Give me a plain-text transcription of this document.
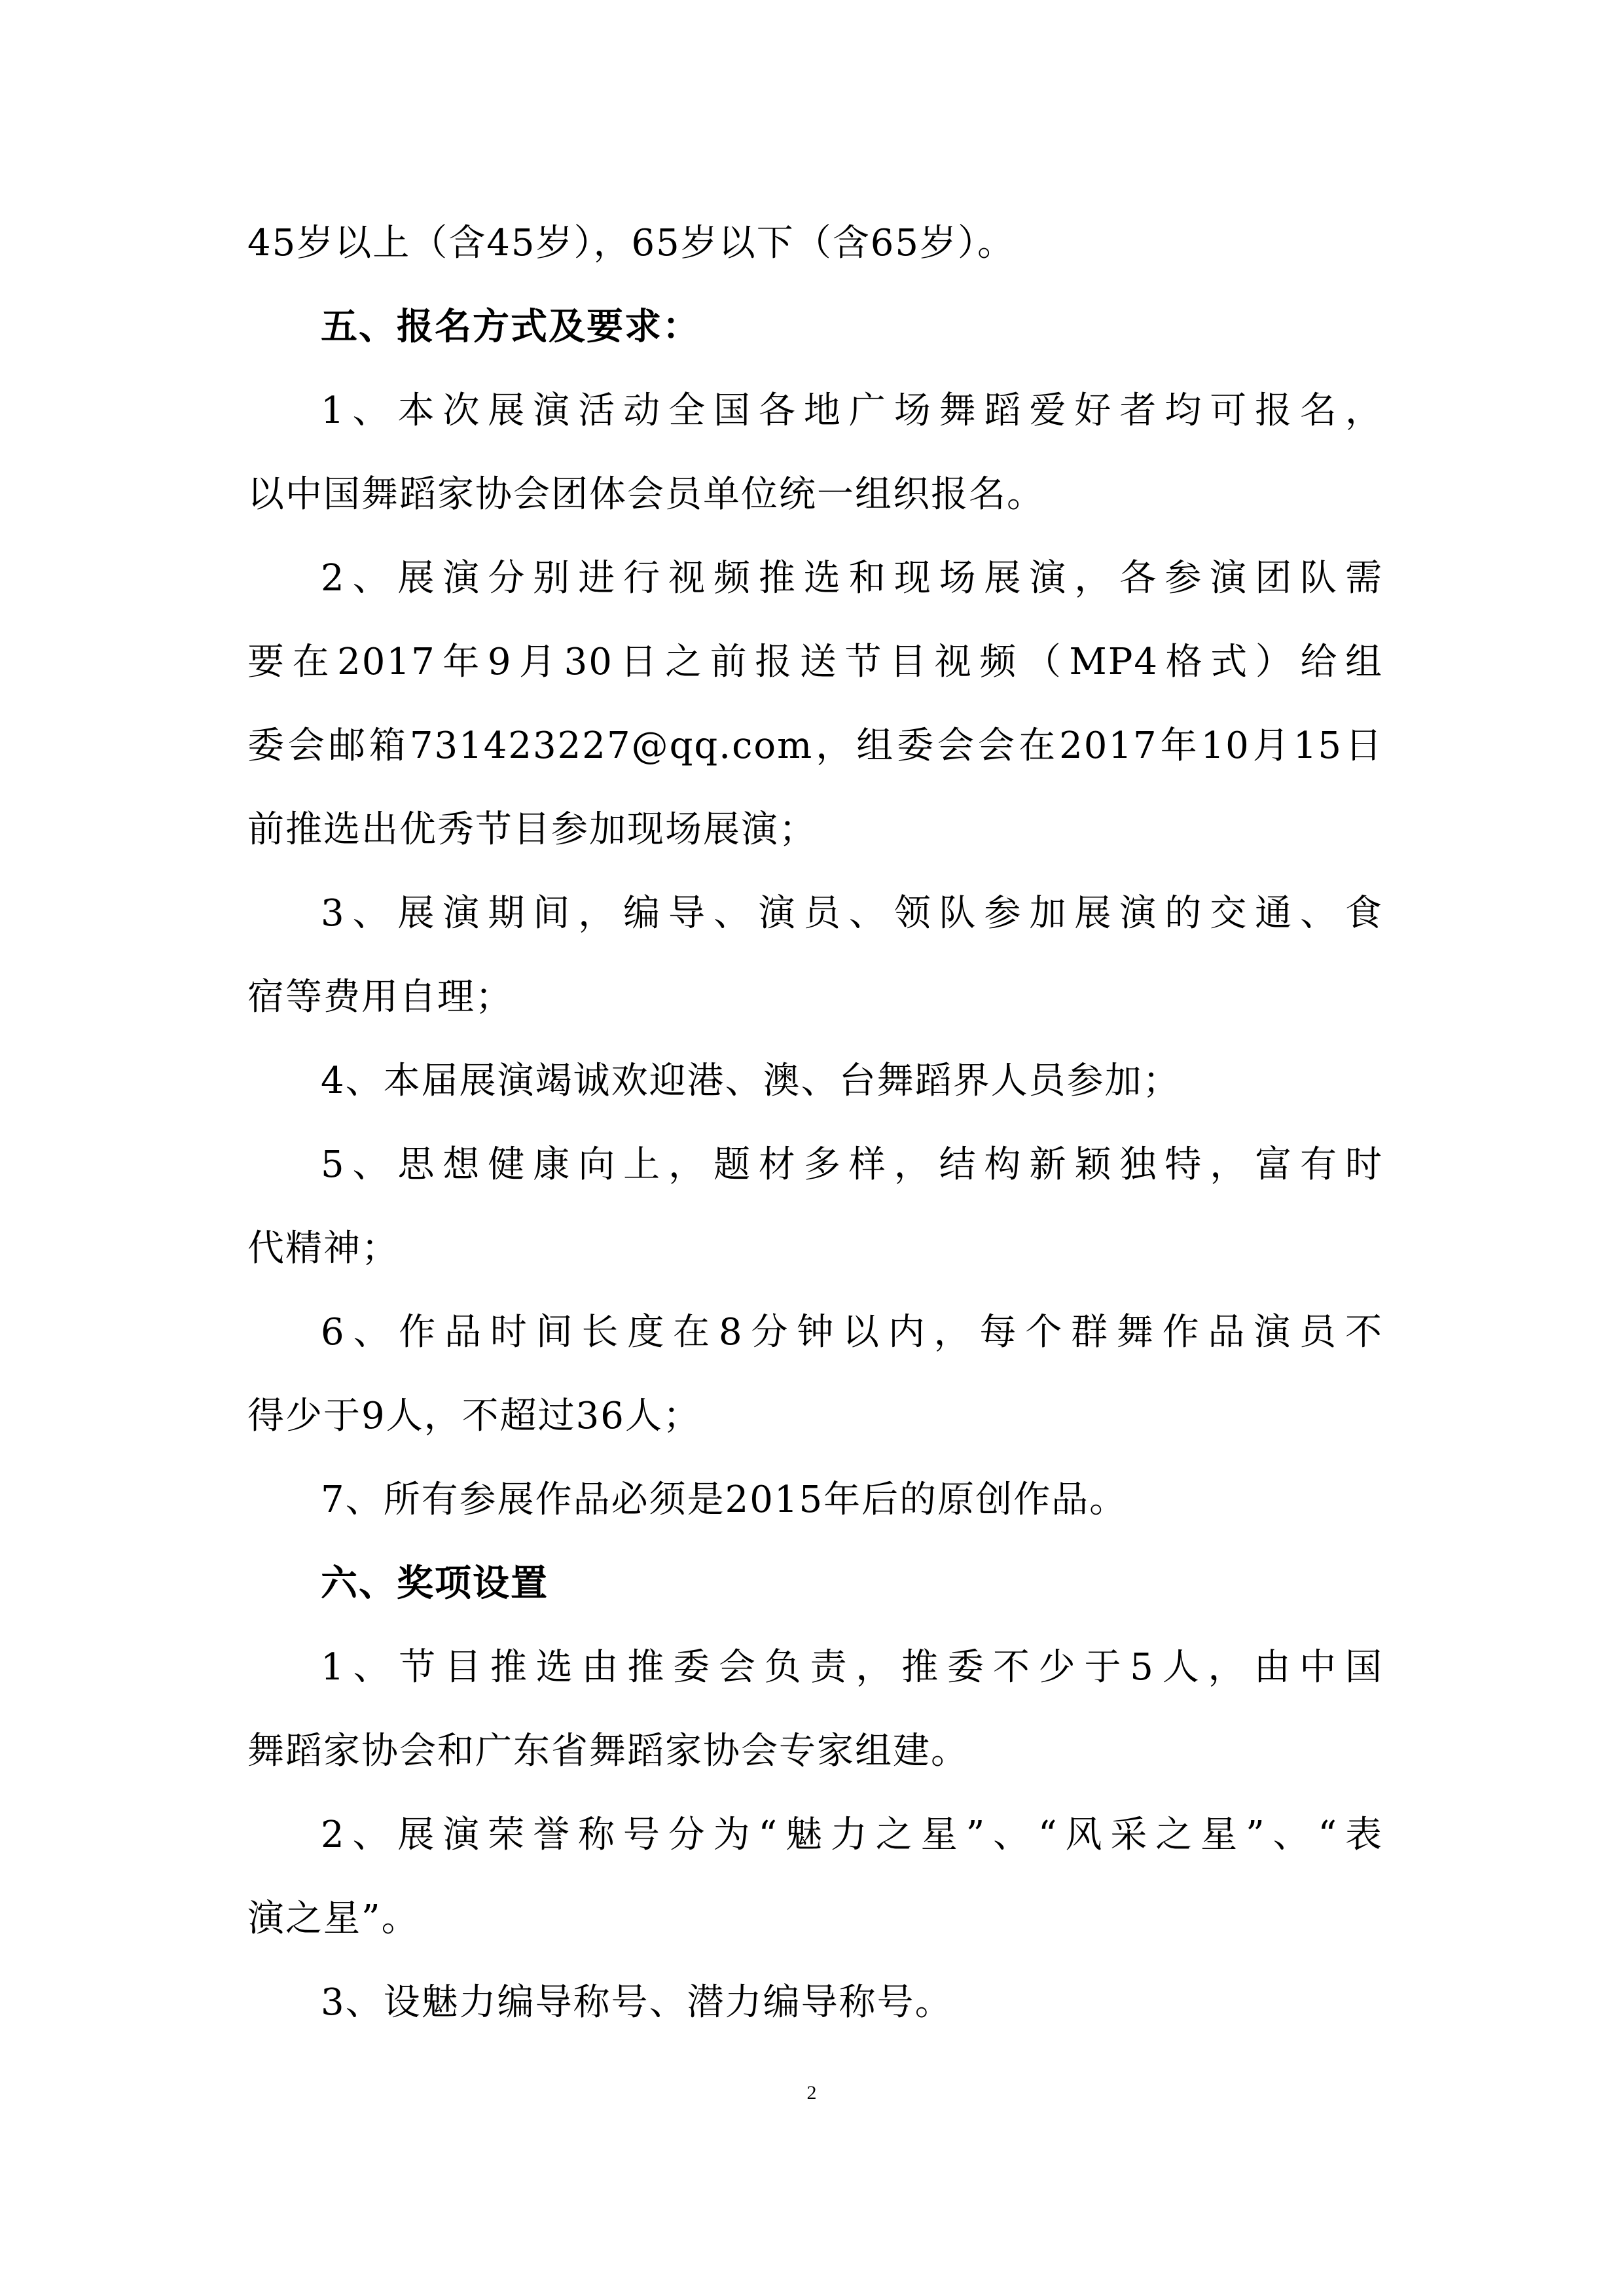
45岁以上（含45岁），65岁以下（含65岁）。
五、报名方式及要求：
1、本次展演活动全国各地广场舞蹈爱好者均可报名，
以中国舞蹈家协会团体会员单位统一组织报名。
2、展演分别进行视频推选和现场展演，各参演团队需
要在2017年9月30日之前报送节目视频（MP4格式）给组
委会邮箱731423227@qq.com，组委会会在2017年10月15日
前推选出优秀节目参加现场展演；
3、展演期间，编导、演员、领队参加展演的交通、食
宿等费用自理；
4、本届展演竭诚欢迎港、澳、台舞蹈界人员参加；
5、思想健康向上，题材多样，结构新颖独特，富有时
代精神；
6、作品时间长度在8分钟以内，每个群舞作品演员不
得少于9人，不超过36人；
7、所有参展作品必须是2015年后的原创作品。
六、奖项设置
1、节目推选由推委会负责，推委不少于5人，由中国
舞蹈家协会和广东省舞蹈家协会专家组建。
2、展演荣誉称号分为“魅力之星”、“风采之星”、“表
演之星”。
3、设魅力编导称号、潜力编导称号。
2
